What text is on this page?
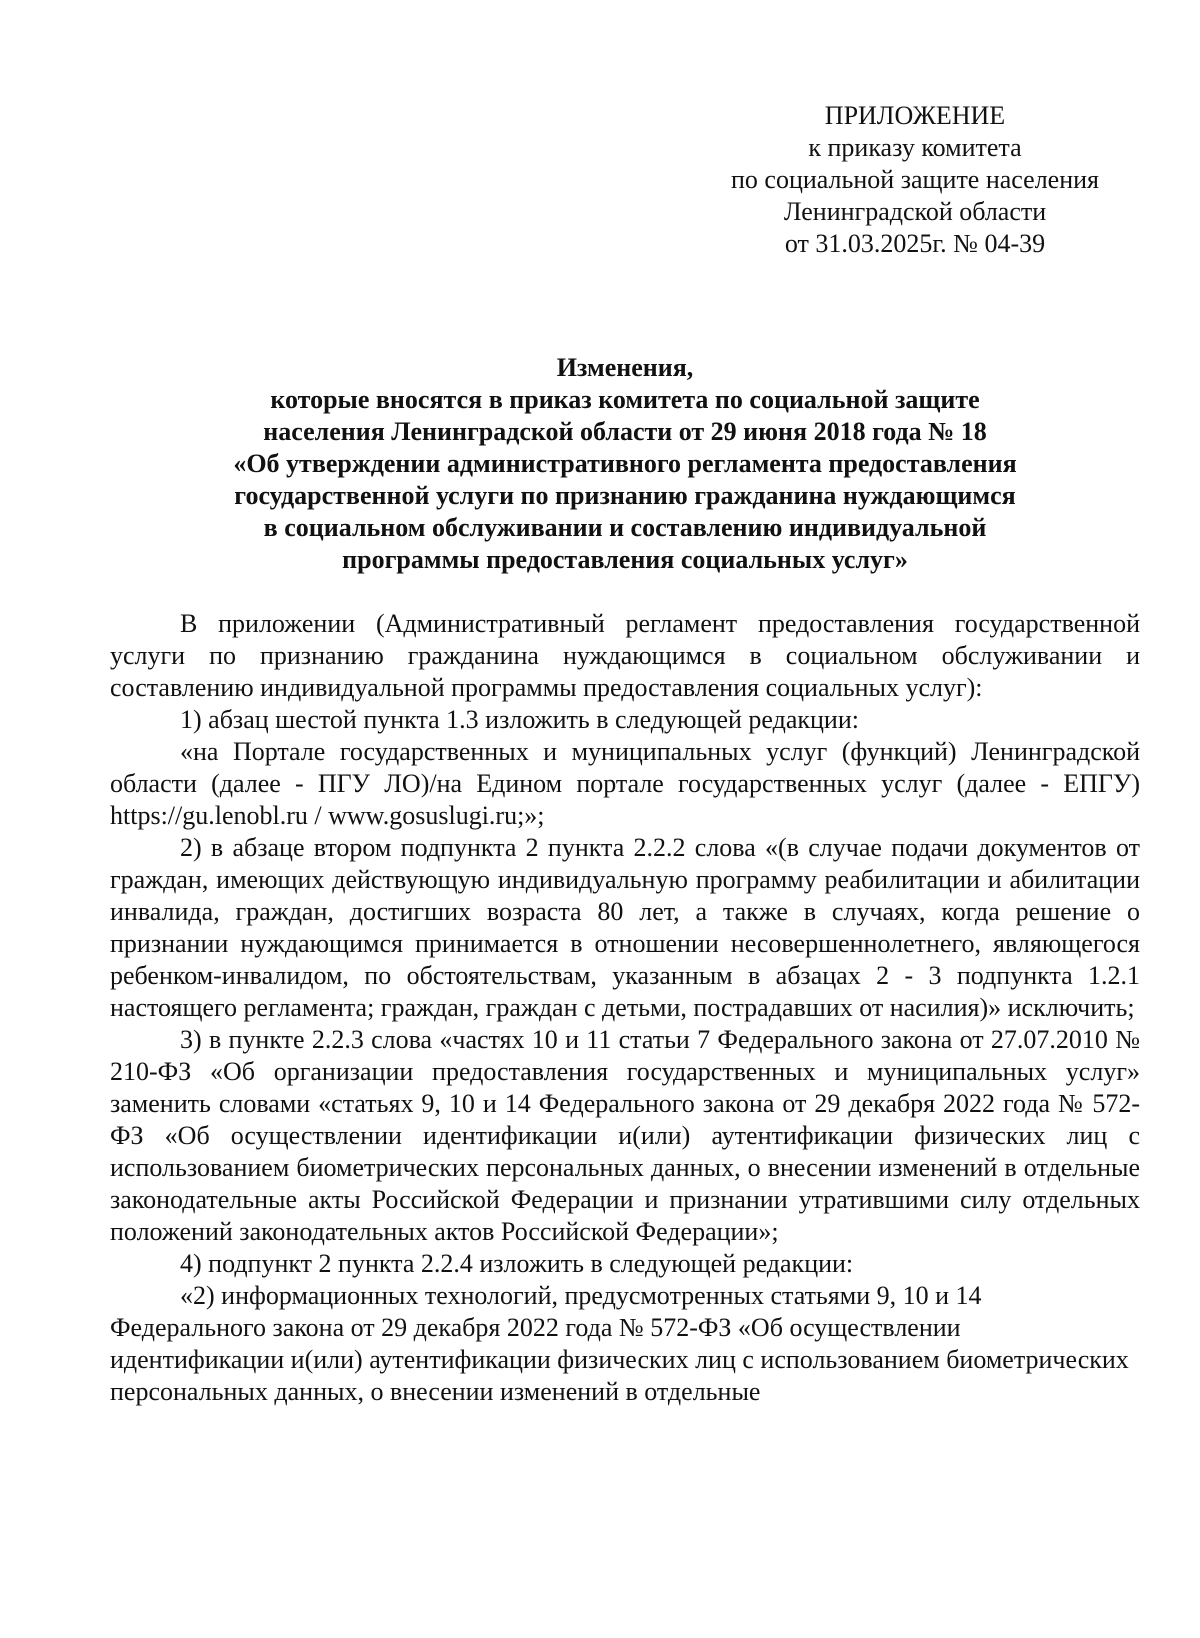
ПРИЛОЖЕНИЕ
к приказу комитета
по социальной защите населения
Ленинградской области
от 31.03.2025г. № 04-39
Изменения,
которые вносятся в приказ комитета по социальной защите
населения Ленинградской области от 29 июня 2018 года № 18
«Об утверждении административного регламента предоставления
государственной услуги по признанию гражданина нуждающимся
в социальном обслуживании и составлению индивидуальной
программы предоставления социальных услуг»

В приложении (Административный регламент предоставления государственной услуги по признанию гражданина нуждающимся в социальном обслуживании и составлению индивидуальной программы предоставления социальных услуг):

1) абзац шестой пункта 1.3 изложить в следующей редакции:

«на Портале государственных и муниципальных услуг (функций) Ленинградской области (далее - ПГУ ЛО)/на Едином портале государственных услуг (далее - ЕПГУ) https://gu.lenobl.ru / www.gosuslugi.ru;»;

2) в абзаце втором подпункта 2 пункта 2.2.2 слова «(в случае подачи документов от граждан, имеющих действующую индивидуальную программу реабилитации и абилитации инвалида, граждан, достигших возраста 80 лет, а также в случаях, когда решение о признании нуждающимся принимается в отношении несовершеннолетнего, являющегося ребенком-инвалидом, по обстоятельствам, указанным в абзацах 2 - 3 подпункта 1.2.1 настоящего регламента; граждан, граждан с детьми, пострадавших от насилия)» исключить;

3) в пункте 2.2.3 слова «частях 10 и 11 статьи 7 Федерального закона от 27.07.2010 № 210-ФЗ «Об организации предоставления государственных и муниципальных услуг» заменить словами «статьях 9, 10 и 14 Федерального закона от 29 декабря 2022 года № 572-ФЗ «Об осуществлении идентификации и(или) аутентификации физических лиц с использованием биометрических персональных данных, о внесении изменений в отдельные законодательные акты Российской Федерации и признании утратившими силу отдельных положений законодательных актов Российской Федерации»;

4) подпункт 2 пункта 2.2.4 изложить в следующей редакции:

«2) информационных технологий, предусмотренных статьями 9, 10 и 14 Федерального закона от 29 декабря 2022 года № 572-ФЗ «Об осуществлении идентификации и(или) аутентификации физических лиц с использованием биометрических персональных данных, о внесении изменений в отдельные
